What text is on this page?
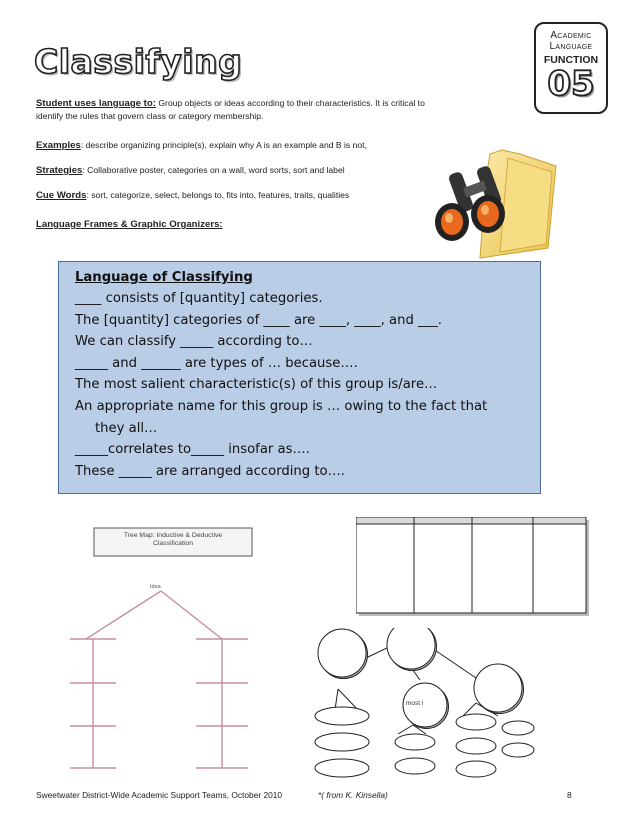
Classifying
Academic
Language
FUNCTION
05
Student uses language to: Group objects or ideas according to their characteristics. It is critical to
identify the rules that govern class or category membership.
Examples: describe organizing principle(s), explain why A is an example and B is not,
Strategies: Collaborative poster, categories on a wall, word sorts, sort and label
Cue Words: sort, categorize, select, belongs to, fits into, features, traits, qualities
Language Frames & Graphic Organizers:
Language of Classifying
____ consists of [quantity] categories.
The [quantity] categories of ____ are ____, ____, and ___.
We can classify _____ according to…
_____ and ______ are types of … because….
The most salient characteristic(s) of this group is/are…
An appropriate name for this group is … owing to the fact that
they all…
_____correlates to_____ insofar as….
These _____ are arranged according to….
Tree Map: Inductive & Deductive
Classification
Idea
most i
Sweetwater District-Wide Academic Support Teams, October 2010	*( from K. Kinsella)	8
